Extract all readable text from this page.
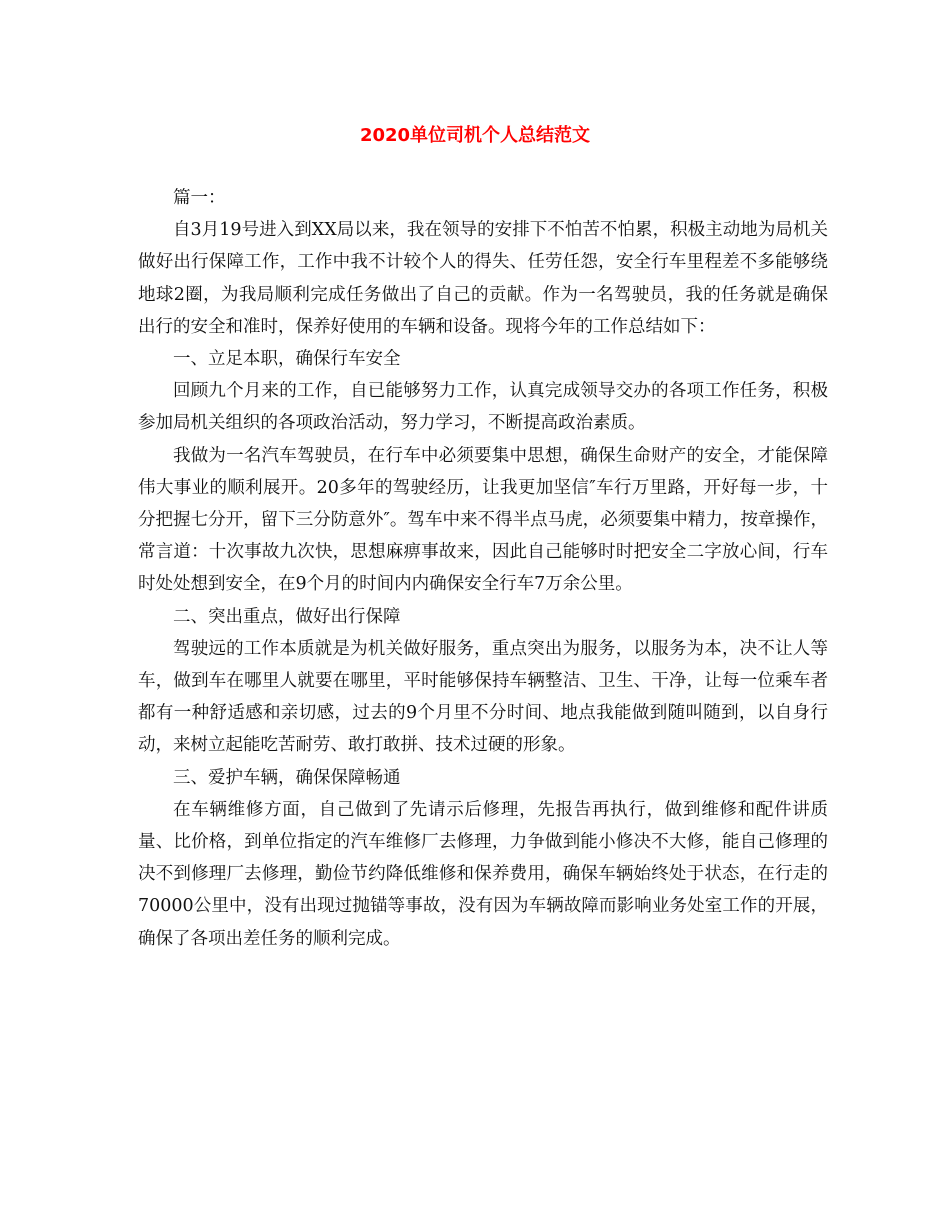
2020单位司机个人总结范文

篇一：

自3月19号进入到XX局以来，我在领导的安排下不怕苦不怕累，积极主动地为局机关做好出行保障工作，工作中我不计较个人的得失、任劳任怨，安全行车里程差不多能够绕地球2圈，为我局顺利完成任务做出了自己的贡献。作为一名驾驶员，我的任务就是确保出行的安全和准时，保养好使用的车辆和设备。现将今年的工作总结如下：

一、立足本职，确保行车安全

回顾九个月来的工作，自已能够努力工作，认真完成领导交办的各项工作任务，积极参加局机关组织的各项政治活动，努力学习，不断提高政治素质。

我做为一名汽车驾驶员，在行车中必须要集中思想，确保生命财产的安全，才能保障伟大事业的顺利展开。20多年的驾驶经历，让我更加坚信″车行万里路，开好每一步，十分把握七分开，留下三分防意外″。驾车中来不得半点马虎，必须要集中精力，按章操作，常言道：十次事故九次快，思想麻痹事故来，因此自己能够时时把安全二字放心间，行车时处处想到安全，在9个月的时间内内确保安全行车7万余公里。

二、突出重点，做好出行保障

驾驶远的工作本质就是为机关做好服务，重点突出为服务，以服务为本，决不让人等车，做到车在哪里人就要在哪里，平时能够保持车辆整洁、卫生、干净，让每一位乘车者都有一种舒适感和亲切感，过去的9个月里不分时间、地点我能做到随叫随到，以自身行动，来树立起能吃苦耐劳、敢打敢拼、技术过硬的形象。

三、爱护车辆，确保保障畅通

在车辆维修方面，自己做到了先请示后修理，先报告再执行，做到维修和配件讲质量、比价格，到单位指定的汽车维修厂去修理，力争做到能小修决不大修，能自己修理的决不到修理厂去修理，勤俭节约降低维修和保养费用，确保车辆始终处于状态，在行走的70000公里中，没有出现过抛锚等事故，没有因为车辆故障而影响业务处室工作的开展，确保了各项出差任务的顺利完成。
